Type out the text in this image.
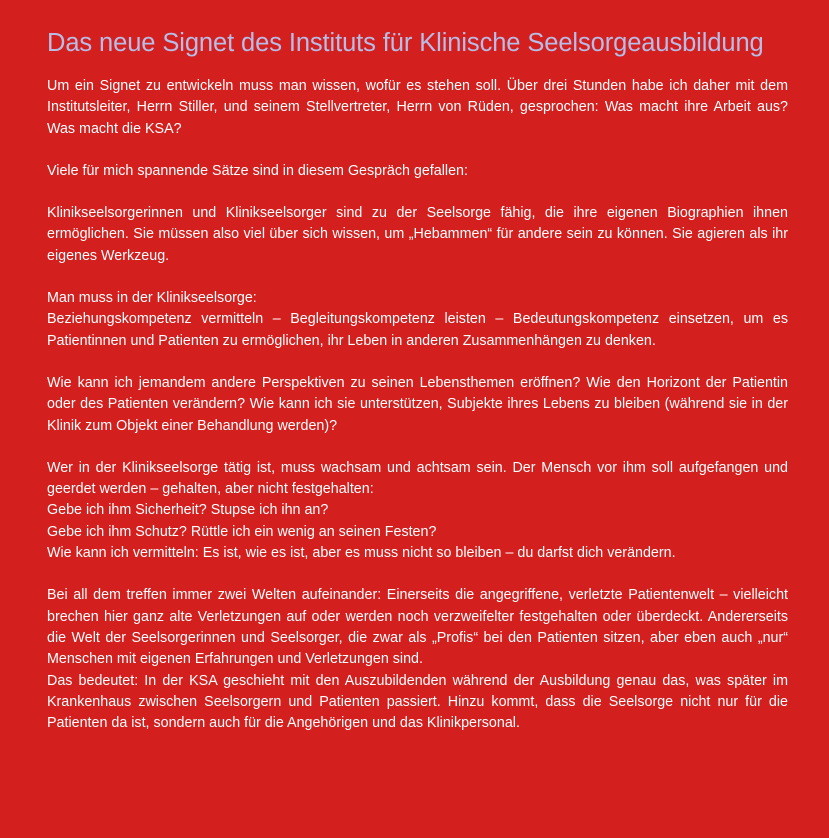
Das neue Signet des Instituts für Klinische Seelsorgeausbildung

Um ein Signet zu entwickeln muss man wissen, wofür es stehen soll. Über drei Stunden habe ich daher mit dem Institutsleiter, Herrn Stiller, und seinem Stellvertreter, Herrn von Rüden, gesprochen: Was macht ihre Arbeit aus? Was macht die KSA?

Viele für mich spannende Sätze sind in diesem Gespräch gefallen:

Klinikseelsorgerinnen und Klinikseelsorger sind zu der Seelsorge fähig, die ihre eigenen Biographien ihnen ermöglichen. Sie müssen also viel über sich wissen, um „Hebammen“ für andere sein zu können. Sie agieren als ihr eigenes Werkzeug.

Man muss in der Klinikseelsorge:
Beziehungskompetenz vermitteln – Begleitungskompetenz leisten – Bedeutungskompetenz einsetzen, um es Patientinnen und Patienten zu ermöglichen, ihr Leben in anderen Zusammenhängen zu denken.

Wie kann ich jemandem andere Perspektiven zu seinen Lebensthemen eröffnen? Wie den Horizont der Patientin oder des Patienten verändern? Wie kann ich sie unterstützen, Subjekte ihres Lebens zu bleiben (während sie in der Klinik zum Objekt einer Behandlung werden)?

Wer in der Klinikseelsorge tätig ist, muss wachsam und achtsam sein. Der Mensch vor ihm soll aufgefangen und geerdet werden – gehalten, aber nicht festgehalten:
Gebe ich ihm Sicherheit? Stupse ich ihn an?
Gebe ich ihm Schutz? Rüttle ich ein wenig an seinen Festen?
Wie kann ich vermitteln: Es ist, wie es ist, aber es muss nicht so bleiben – du darfst dich verändern.

Bei all dem treffen immer zwei Welten aufeinander: Einerseits die angegriffene, verletzte Patientenwelt – vielleicht brechen hier ganz alte Verletzungen auf oder werden noch verzweifelter festgehalten oder überdeckt. Andererseits die Welt der Seelsorgerinnen und Seelsorger, die zwar als „Profis“ bei den Patienten sitzen, aber eben auch „nur“ Menschen mit eigenen Erfahrungen und Verletzungen sind.

Das bedeutet: In der KSA geschieht mit den Auszubildenden während der Ausbildung genau das, was später im Krankenhaus zwischen Seelsorgern und Patienten passiert. Hinzu kommt, dass die Seelsorge nicht nur für die Patienten da ist, sondern auch für die Angehörigen und das Klinikpersonal.
